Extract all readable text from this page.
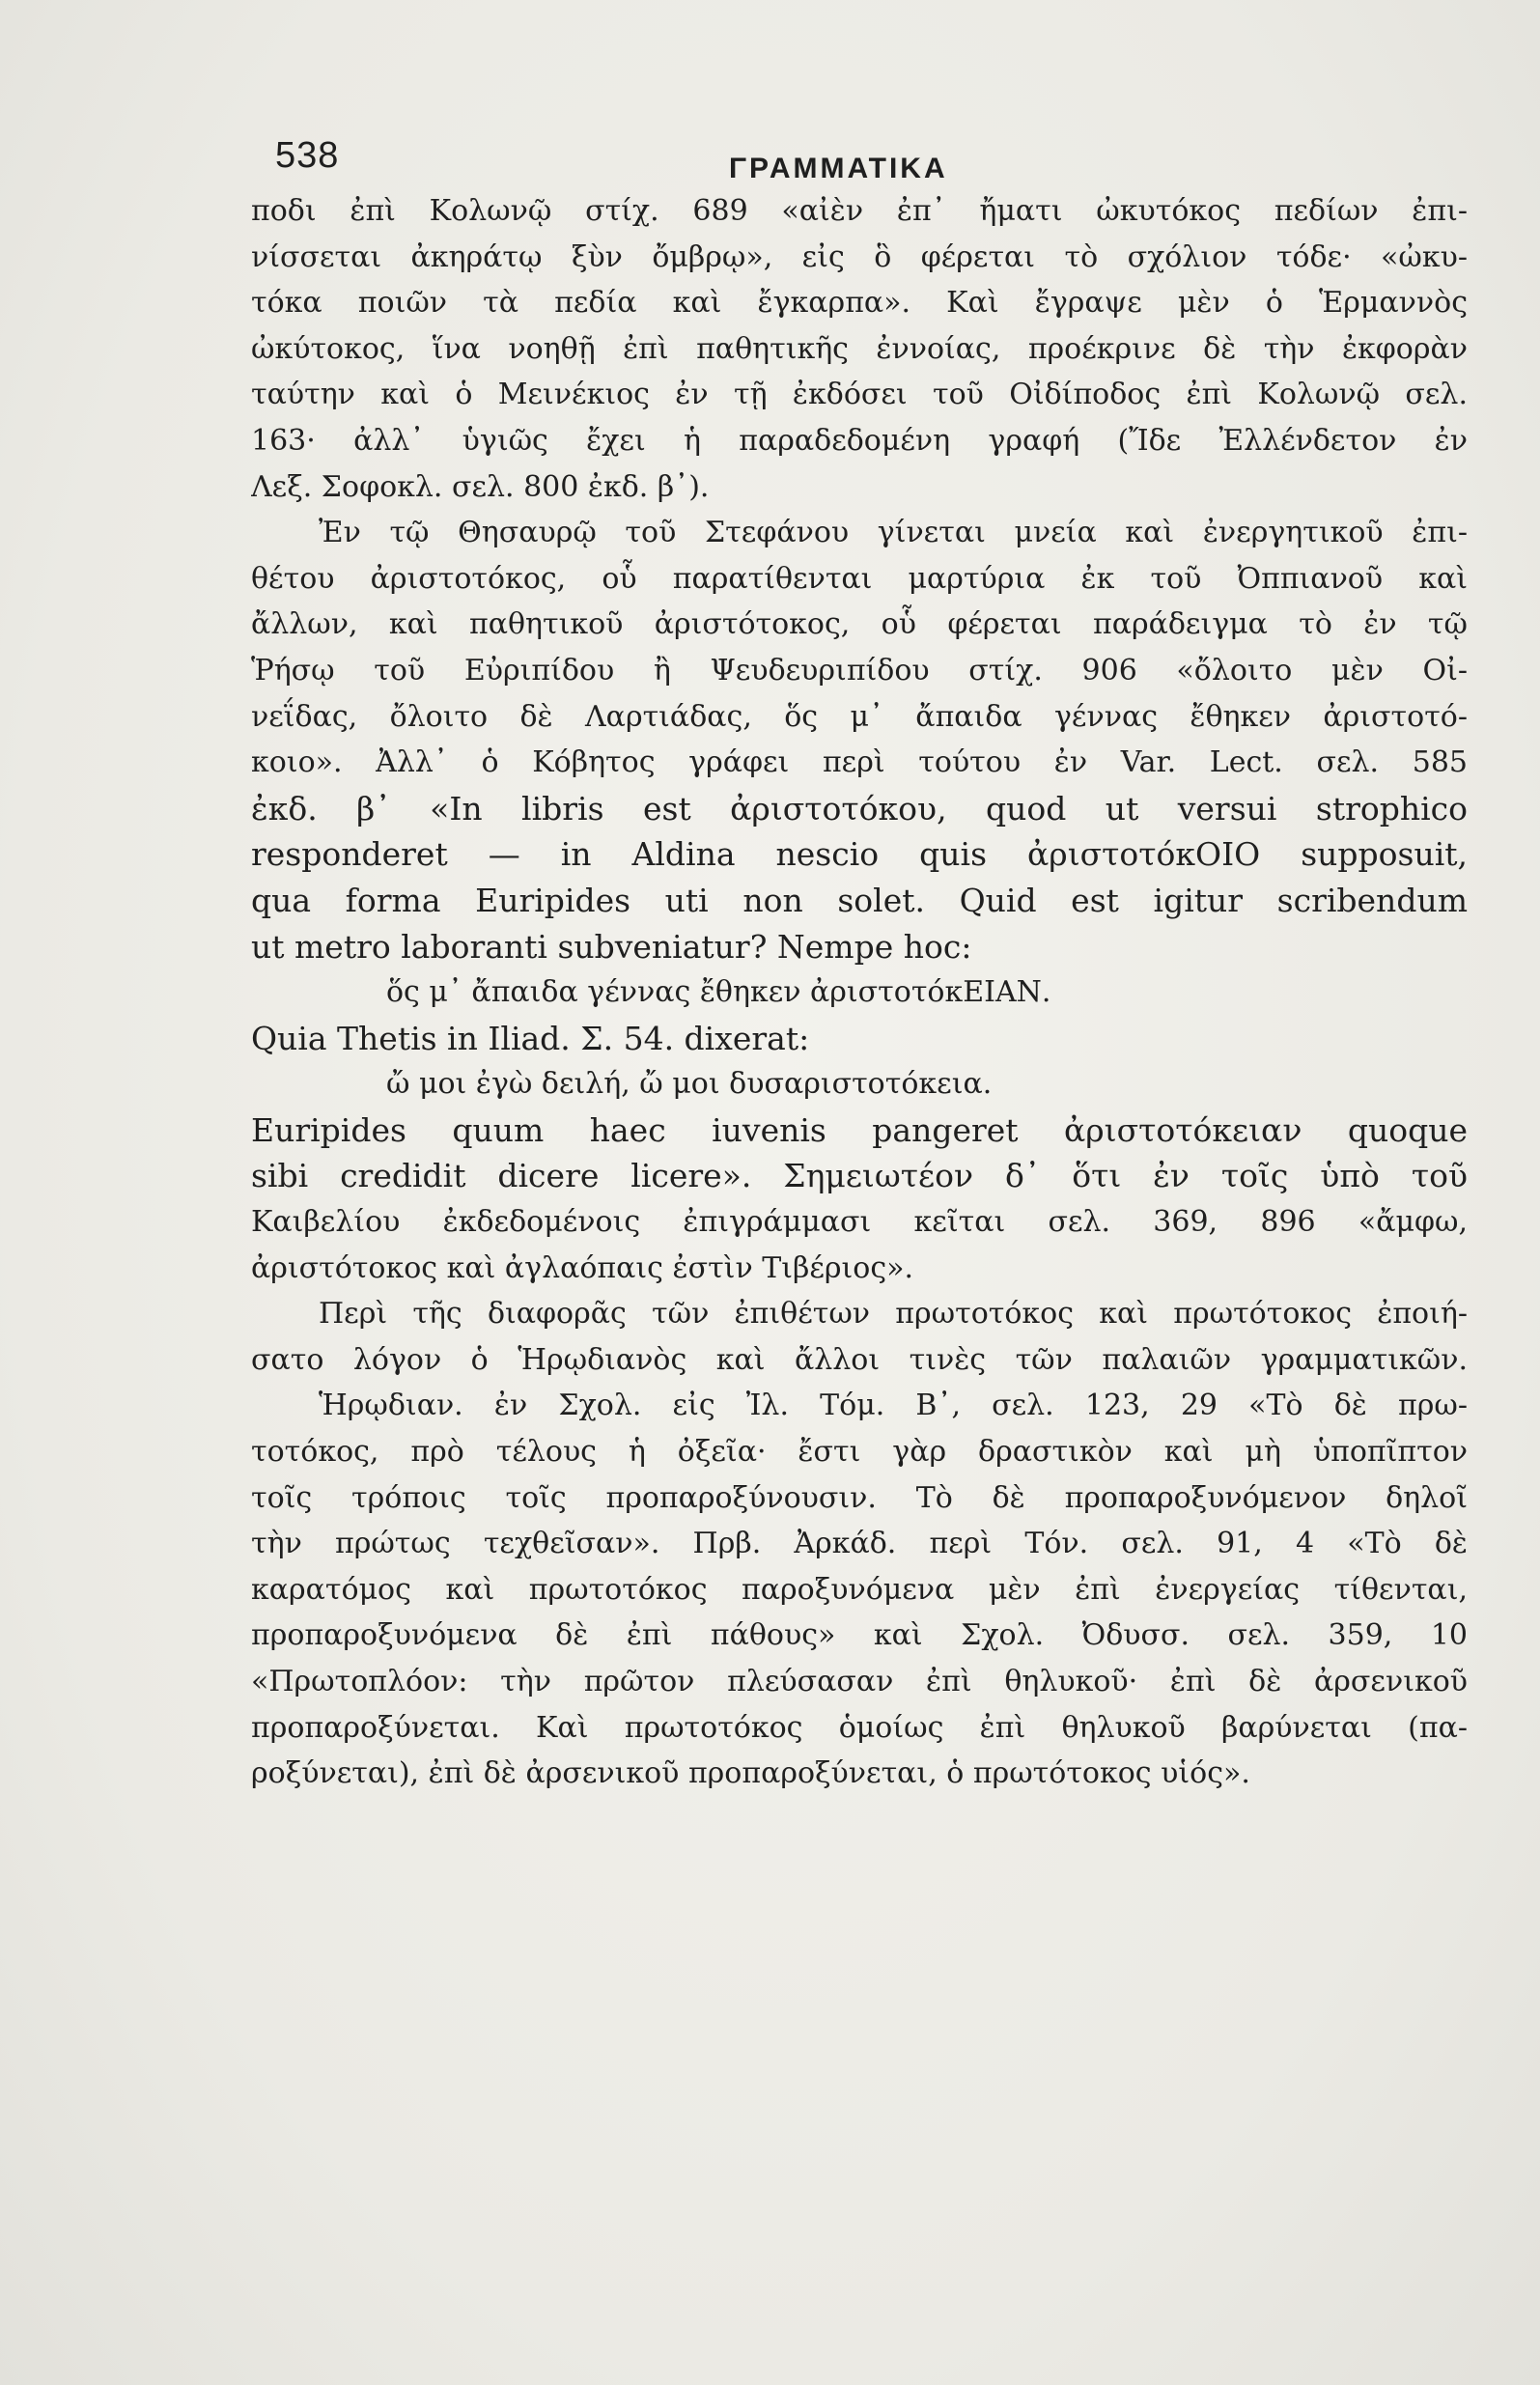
538	ΓΡΑΜΜΑΤΙΚΑ
ποδι ἐπὶ Κολωνῷ στίχ. 689 «αἰὲν ἐπ᾽ ἤματι ὠκυτόκος πεδίων ἐπι-
νίσσεται ἀκηράτῳ ξὺν ὄμβρῳ», εἰς ὃ φέρεται τὸ σχόλιον τόδε· «ὠκυ-
τόκα ποιῶν τὰ πεδία καὶ ἔγκαρπα». Καὶ ἔγραψε μὲν ὁ Ἑρμαννὸς
ὠκύτοκος, ἵνα νοηθῇ ἐπὶ παθητικῆς ἐννοίας, προέκρινε δὲ τὴν ἐκφορὰν
ταύτην καὶ ὁ Μεινέκιος ἐν τῇ ἐκδόσει τοῦ Οἰδίποδος ἐπὶ Κολωνῷ σελ.
163· ἀλλ᾽ ὑγιῶς ἔχει ἡ παραδεδομένη γραφή (Ἴδε Ἐλλένδετον ἐν
Λεξ. Σοφοκλ. σελ. 800 ἐκδ. β᾽).
Ἐν τῷ Θησαυρῷ τοῦ Στεφάνου γίνεται μνεία καὶ ἐνεργητικοῦ ἐπι-
θέτου ἀριστοτόκος, οὗ παρατίθενται μαρτύρια ἐκ τοῦ Ὀππιανοῦ καὶ
ἄλλων, καὶ παθητικοῦ ἀριστότοκος, οὗ φέρεται παράδειγμα τὸ ἐν τῷ
Ῥήσῳ τοῦ Εὐριπίδου ἢ Ψευδευριπίδου στίχ. 906 «ὄλοιτο μὲν Οἰ-
νεΐδας, ὄλοιτο δὲ Λαρτιάδας, ὅς μ᾽ ἄπαιδα γέννας ἔθηκεν ἀριστοτό-
κοιο». Ἀλλ᾽ ὁ Κόβητος γράφει περὶ τούτου ἐν Var. Lect. σελ. 585
ἐκδ. β᾽ «In libris est ἀριστοτόκου, quod ut versui strophico
responderet — in Aldina nescio quis ἀριστοτόκΟΙΟ supposuit,
qua forma Euripides uti non solet. Quid est igitur scribendum
ut metro laboranti subveniatur? Nempe hoc:
ὅς μ᾽ ἄπαιδα γέννας ἔθηκεν ἀριστοτόκΕΙΑΝ.
Quia Thetis in Iliad. Σ. 54. dixerat:
ὤ μοι ἐγὼ δειλή, ὤ μοι δυσαριστοτόκεια.
Euripides quum haec iuvenis pangeret ἀριστοτόκειαν quoque
sibi credidit dicere licere». Σημειωτέον δ᾽ ὅτι ἐν τοῖς ὑπὸ τοῦ
Καιβελίου ἐκδεδομένοις ἐπιγράμμασι κεῖται σελ. 369, 896 «ἄμφω,
ἀριστότοκος καὶ ἀγλαόπαις ἐστὶν Τιβέριος».
Περὶ τῆς διαφορᾶς τῶν ἐπιθέτων πρωτοτόκος καὶ πρωτότοκος ἐποιή-
σατο λόγον ὁ Ἡρῳδιανὸς καὶ ἄλλοι τινὲς τῶν παλαιῶν γραμματικῶν.
Ἡρῳδιαν. ἐν Σχολ. εἰς Ἰλ. Τόμ. Β᾽, σελ. 123, 29 «Τὸ δὲ πρω-
τοτόκος, πρὸ τέλους ἡ ὀξεῖα· ἔστι γὰρ δραστικὸν καὶ μὴ ὑποπῖπτον
τοῖς τρόποις τοῖς προπαροξύνουσιν. Τὸ δὲ προπαροξυνόμενον δηλοῖ
τὴν πρώτως τεχθεῖσαν». Πρβ. Ἀρκάδ. περὶ Τόν. σελ. 91, 4 «Τὸ δὲ
καρατόμος καὶ πρωτοτόκος παροξυνόμενα μὲν ἐπὶ ἐνεργείας τίθενται,
προπαροξυνόμενα δὲ ἐπὶ πάθους» καὶ Σχολ. Ὀδυσσ. σελ. 359, 10
«Πρωτοπλόον: τὴν πρῶτον πλεύσασαν ἐπὶ θηλυκοῦ· ἐπὶ δὲ ἀρσενικοῦ
προπαροξύνεται. Καὶ πρωτοτόκος ὁμοίως ἐπὶ θηλυκοῦ βαρύνεται (πα-
ροξύνεται), ἐπὶ δὲ ἀρσενικοῦ προπαροξύνεται, ὁ πρωτότοκος υἱός».
